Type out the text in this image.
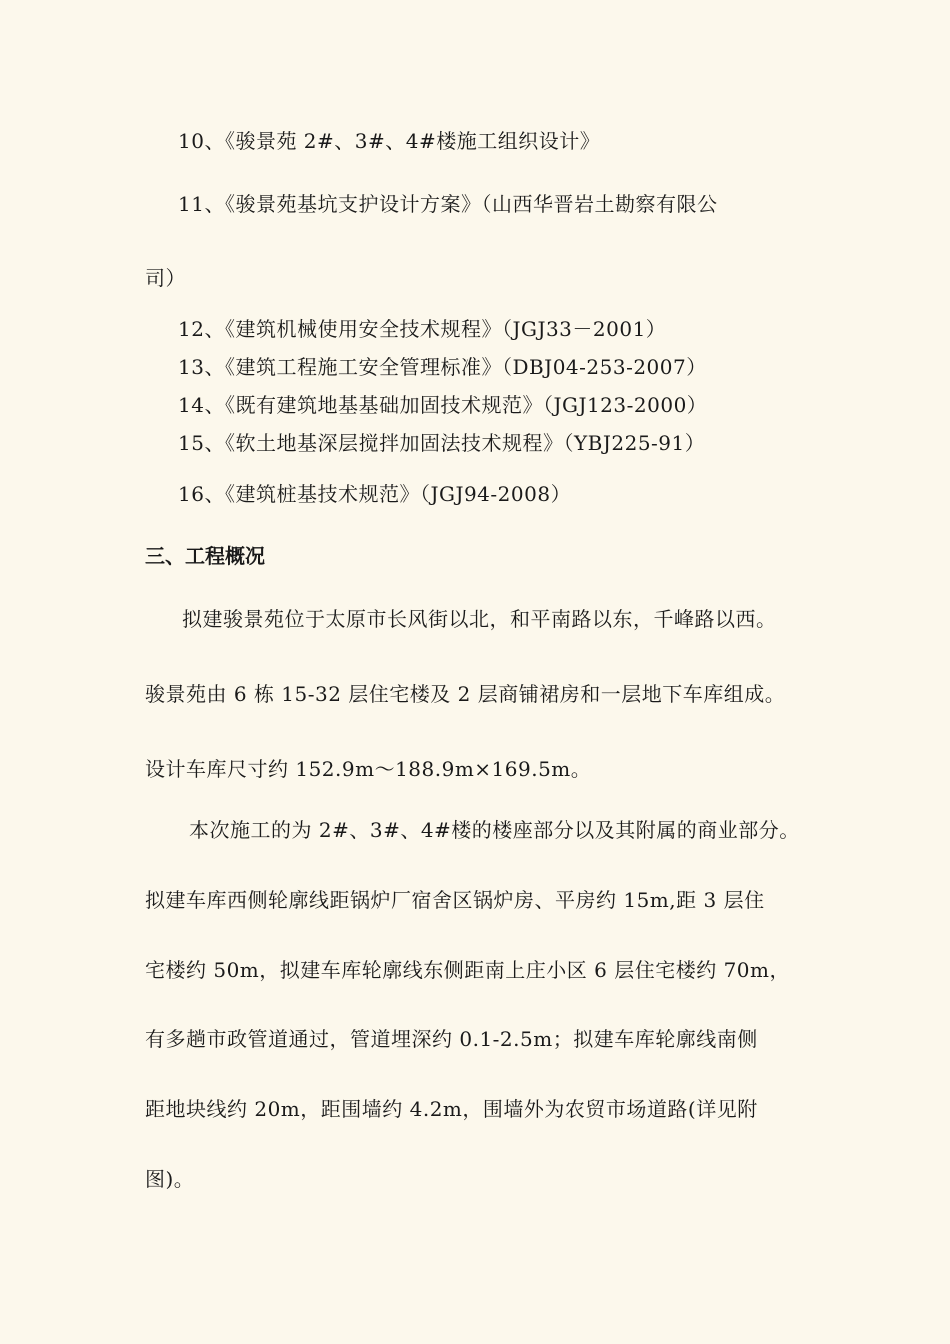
10、《骏景苑 2#、3#、4#楼施工组织设计》
11、《骏景苑基坑支护设计方案》（山西华晋岩土勘察有限公
司）
12、《建筑机械使用安全技术规程》（JGJ33－2001）
13、《建筑工程施工安全管理标准》（DBJ04-253-2007）
14、《既有建筑地基基础加固技术规范》（JGJ123-2000）
15、《软土地基深层搅拌加固法技术规程》（YBJ225-91）
16、《建筑桩基技术规范》（JGJ94-2008）
三、工程概况
拟建骏景苑位于太原市长风街以北，和平南路以东，千峰路以西。
骏景苑由 6 栋 15-32 层住宅楼及 2 层商铺裙房和一层地下车库组成。
设计车库尺寸约 152.9m～188.9m×169.5m。
本次施工的为 2#、3#、4#楼的楼座部分以及其附属的商业部分。
拟建车库西侧轮廓线距锅炉厂宿舍区锅炉房、平房约 15m,距 3 层住
宅楼约 50m，拟建车库轮廓线东侧距南上庄小区 6 层住宅楼约 70m，
有多趟市政管道通过，管道埋深约 0.1-2.5m；拟建车库轮廓线南侧
距地块线约 20m，距围墙约 4.2m，围墙外为农贸市场道路(详见附
图)。
